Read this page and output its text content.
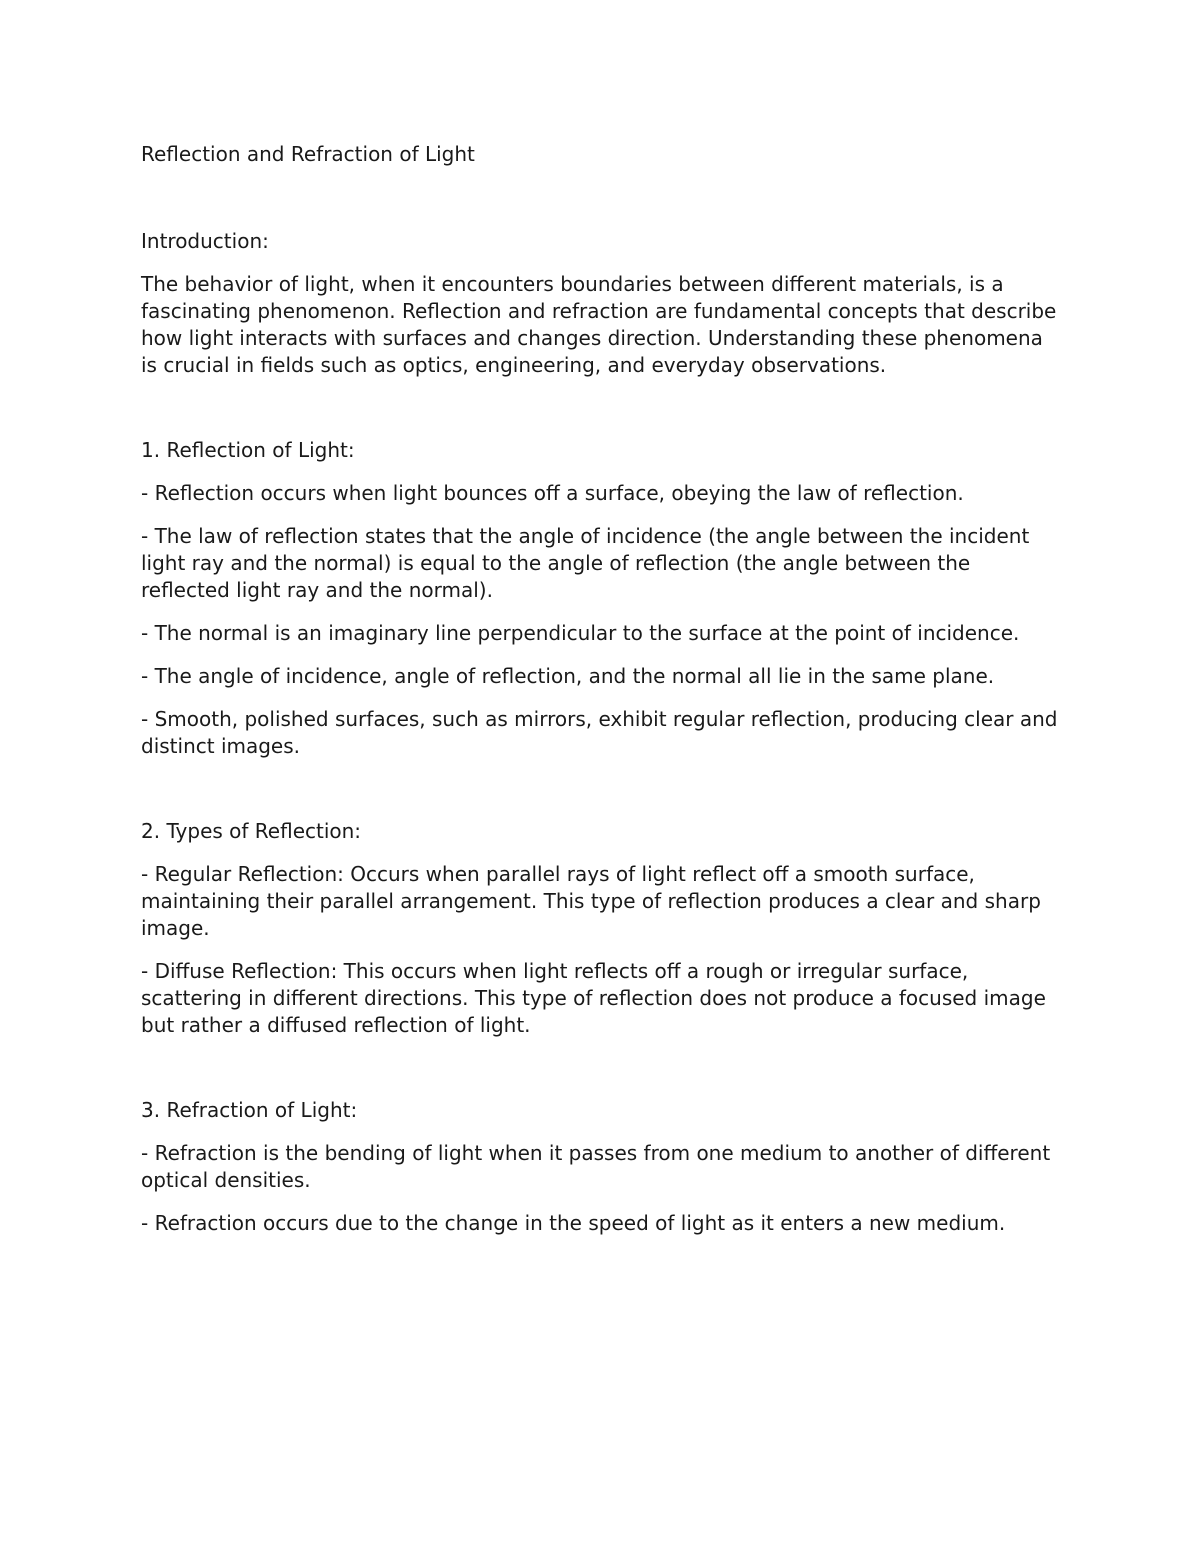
Reflection and Refraction of Light

Introduction:

The behavior of light, when it encounters boundaries between different materials, is a fascinating phenomenon. Reflection and refraction are fundamental concepts that describe how light interacts with surfaces and changes direction. Understanding these phenomena is crucial in fields such as optics, engineering, and everyday observations.

1. Reflection of Light:

- Reflection occurs when light bounces off a surface, obeying the law of reflection.

- The law of reflection states that the angle of incidence (the angle between the incident light ray and the normal) is equal to the angle of reflection (the angle between the reflected light ray and the normal).

- The normal is an imaginary line perpendicular to the surface at the point of incidence.

- The angle of incidence, angle of reflection, and the normal all lie in the same plane.

- Smooth, polished surfaces, such as mirrors, exhibit regular reflection, producing clear and distinct images.

2. Types of Reflection:

- Regular Reflection: Occurs when parallel rays of light reflect off a smooth surface, maintaining their parallel arrangement. This type of reflection produces a clear and sharp image.

- Diffuse Reflection: This occurs when light reflects off a rough or irregular surface, scattering in different directions. This type of reflection does not produce a focused image but rather a diffused reflection of light.

3. Refraction of Light:

- Refraction is the bending of light when it passes from one medium to another of different optical densities.

- Refraction occurs due to the change in the speed of light as it enters a new medium.
